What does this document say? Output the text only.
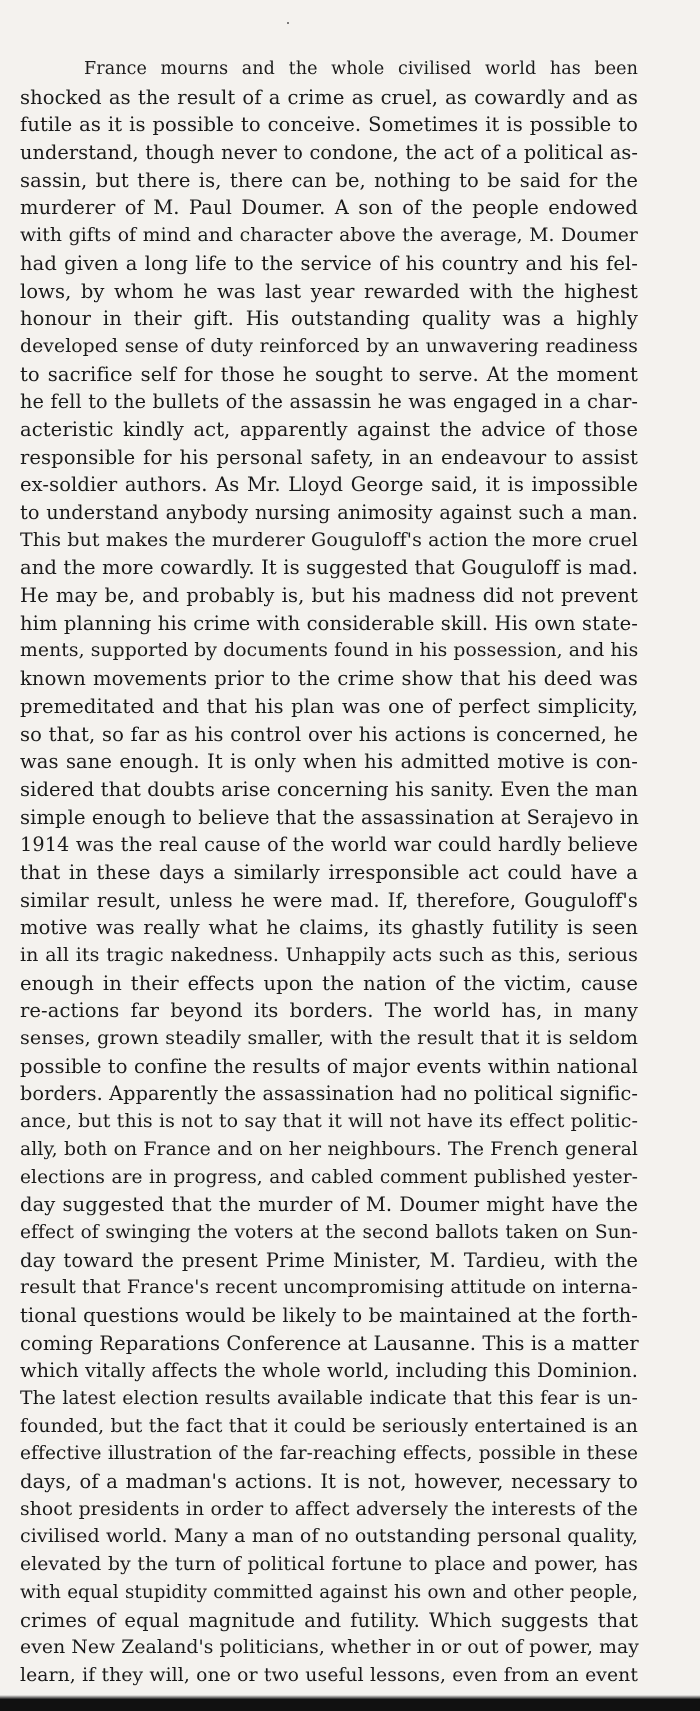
France mourns and the whole civilised world has been
shocked as the result of a crime as cruel, as cowardly and as
futile as it is possible to conceive. Sometimes it is possible to
understand, though never to condone, the act of a political as-
sassin, but there is, there can be, nothing to be said for the
murderer of M. Paul Doumer. A son of the people endowed
with gifts of mind and character above the average, M. Doumer
had given a long life to the service of his country and his fel-
lows, by whom he was last year rewarded with the highest
honour in their gift. His outstanding quality was a highly
developed sense of duty reinforced by an unwavering readiness
to sacrifice self for those he sought to serve. At the moment
he fell to the bullets of the assassin he was engaged in a char-
acteristic kindly act, apparently against the advice of those
responsible for his personal safety, in an endeavour to assist
ex-soldier authors. As Mr. Lloyd George said, it is impossible
to understand anybody nursing animosity against such a man.
This but makes the murderer Gouguloff's action the more cruel
and the more cowardly. It is suggested that Gouguloff is mad.
He may be, and probably is, but his madness did not prevent
him planning his crime with considerable skill. His own state-
ments, supported by documents found in his possession, and his
known movements prior to the crime show that his deed was
premeditated and that his plan was one of perfect simplicity,
so that, so far as his control over his actions is concerned, he
was sane enough. It is only when his admitted motive is con-
sidered that doubts arise concerning his sanity. Even the man
simple enough to believe that the assassination at Serajevo in
1914 was the real cause of the world war could hardly believe
that in these days a similarly irresponsible act could have a
similar result, unless he were mad. If, therefore, Gouguloff's
motive was really what he claims, its ghastly futility is seen
in all its tragic nakedness. Unhappily acts such as this, serious
enough in their effects upon the nation of the victim, cause
re-actions far beyond its borders. The world has, in many
senses, grown steadily smaller, with the result that it is seldom
possible to confine the results of major events within national
borders. Apparently the assassination had no political signific-
ance, but this is not to say that it will not have its effect politic-
ally, both on France and on her neighbours. The French general
elections are in progress, and cabled comment published yester-
day suggested that the murder of M. Doumer might have the
effect of swinging the voters at the second ballots taken on Sun-
day toward the present Prime Minister, M. Tardieu, with the
result that France's recent uncompromising attitude on interna-
tional questions would be likely to be maintained at the forth-
coming Reparations Conference at Lausanne. This is a matter
which vitally affects the whole world, including this Dominion.
The latest election results available indicate that this fear is un-
founded, but the fact that it could be seriously entertained is an
effective illustration of the far-reaching effects, possible in these
days, of a madman's actions. It is not, however, necessary to
shoot presidents in order to affect adversely the interests of the
civilised world. Many a man of no outstanding personal quality,
elevated by the turn of political fortune to place and power, has
with equal stupidity committed against his own and other people,
crimes of equal magnitude and futility. Which suggests that
even New Zealand's politicians, whether in or out of power, may
learn, if they will, one or two useful lessons, even from an event
